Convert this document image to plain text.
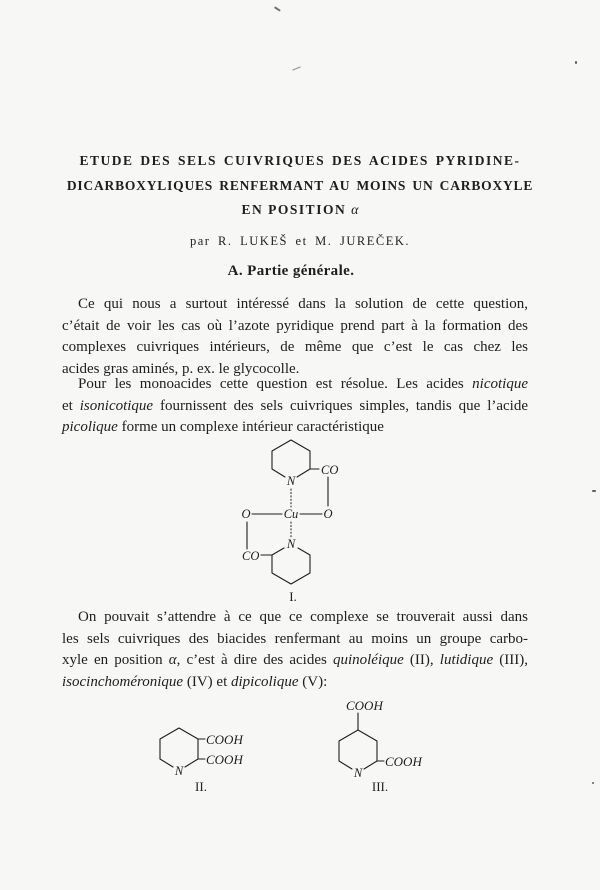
ETUDE DES SELS CUIVRIQUES DES ACIDES PYRIDINE-
DICARBOXYLIQUES RENFERMANT AU MOINS UN CARBOXYLE
EN POSITION α
par R. LUKEŠ et M. JUREČEK.
A. Partie générale.
Ce qui nous a surtout intéressé dans la solution de cette question,
c’était de voir les cas où l’azote pyridique prend part à la formation des
complexes cuivriques intérieurs, de même que c’est le cas chez les
acides gras aminés, p. ex. le glycocolle.
Pour les monoacides cette question est résolue. Les acides nicotique
et isonicotique fournissent des sels cuivriques simples, tandis que l’acide
picolique forme un complexe intérieur caractéristique
CO
N
O	Cu O
N
CO
I.
On pouvait s’attendre à ce que ce complexe se trouverait aussi dans
les sels cuivriques des biacides renfermant au moins un groupe carbo-
xyle en position α, c’est à dire des acides quinoléique (II), lutidique (III),
isocinchoméronique (IV) et dipicolique (V):
COOH
COOH
N
II.
COOH
COOH
N
III.
